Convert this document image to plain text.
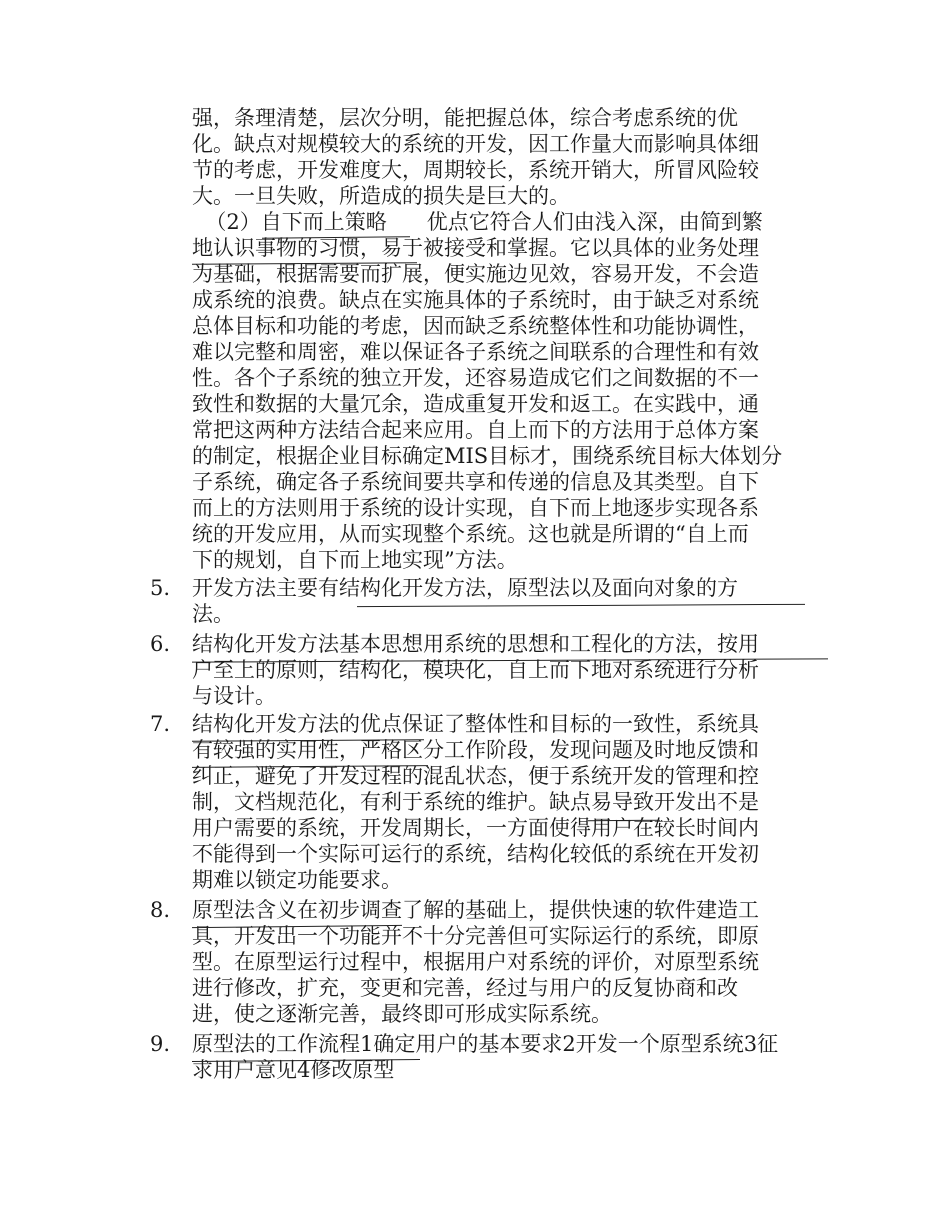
强，条理清楚，层次分明，能把握总体，综合考虑系统的优
化。缺点对规模较大的系统的开发，因工作量大而影响具体细
节的考虑，开发难度大，周期较长，系统开销大，所冒风险较
大。一旦失败，所造成的损失是巨大的。
（2）自下而上策略      优点它符合人们由浅入深，由简到繁
地认识事物的习惯，易于被接受和掌握。它以具体的业务处理
为基础，根据需要而扩展，便实施边见效，容易开发，不会造
成系统的浪费。缺点在实施具体的子系统时，由于缺乏对系统
总体目标和功能的考虑，因而缺乏系统整体性和功能协调性，
难以完整和周密，难以保证各子系统之间联系的合理性和有效
性。各个子系统的独立开发，还容易造成它们之间数据的不一
致性和数据的大量冗余，造成重复开发和返工。在实践中，通
常把这两种方法结合起来应用。自上而下的方法用于总体方案
的制定，根据企业目标确定MIS目标才，围绕系统目标大体划分
子系统，确定各子系统间要共享和传递的信息及其类型。自下
而上的方法则用于系统的设计实现，自下而上地逐步实现各系
统的开发应用，从而实现整个系统。这也就是所谓的“自上而
下的规划，自下而上地实现”方法。
5. 开发方法主要有结构化开发方法，原型法以及面向对象的方
法。
6. 结构化开发方法基本思想用系统的思想和工程化的方法，按用
户至上的原则，结构化，模块化，自上而下地对系统进行分析
与设计。
7. 结构化开发方法的优点保证了整体性和目标的一致性，系统具
有较强的实用性，严格区分工作阶段，发现问题及时地反馈和
纠正，避免了开发过程的混乱状态，便于系统开发的管理和控
制，文档规范化，有利于系统的维护。缺点易导致开发出不是
用户需要的系统，开发周期长，一方面使得用户在较长时间内
不能得到一个实际可运行的系统，结构化较低的系统在开发初
期难以锁定功能要求。
8. 原型法含义在初步调查了解的基础上，提供快速的软件建造工
具，开发出一个功能并不十分完善但可实际运行的系统，即原
型。在原型运行过程中，根据用户对系统的评价，对原型系统
进行修改，扩充，变更和完善，经过与用户的反复协商和改
进，使之逐渐完善，最终即可形成实际系统。
9. 原型法的工作流程1确定用户的基本要求2开发一个原型系统3征
求用户意见4修改原型
